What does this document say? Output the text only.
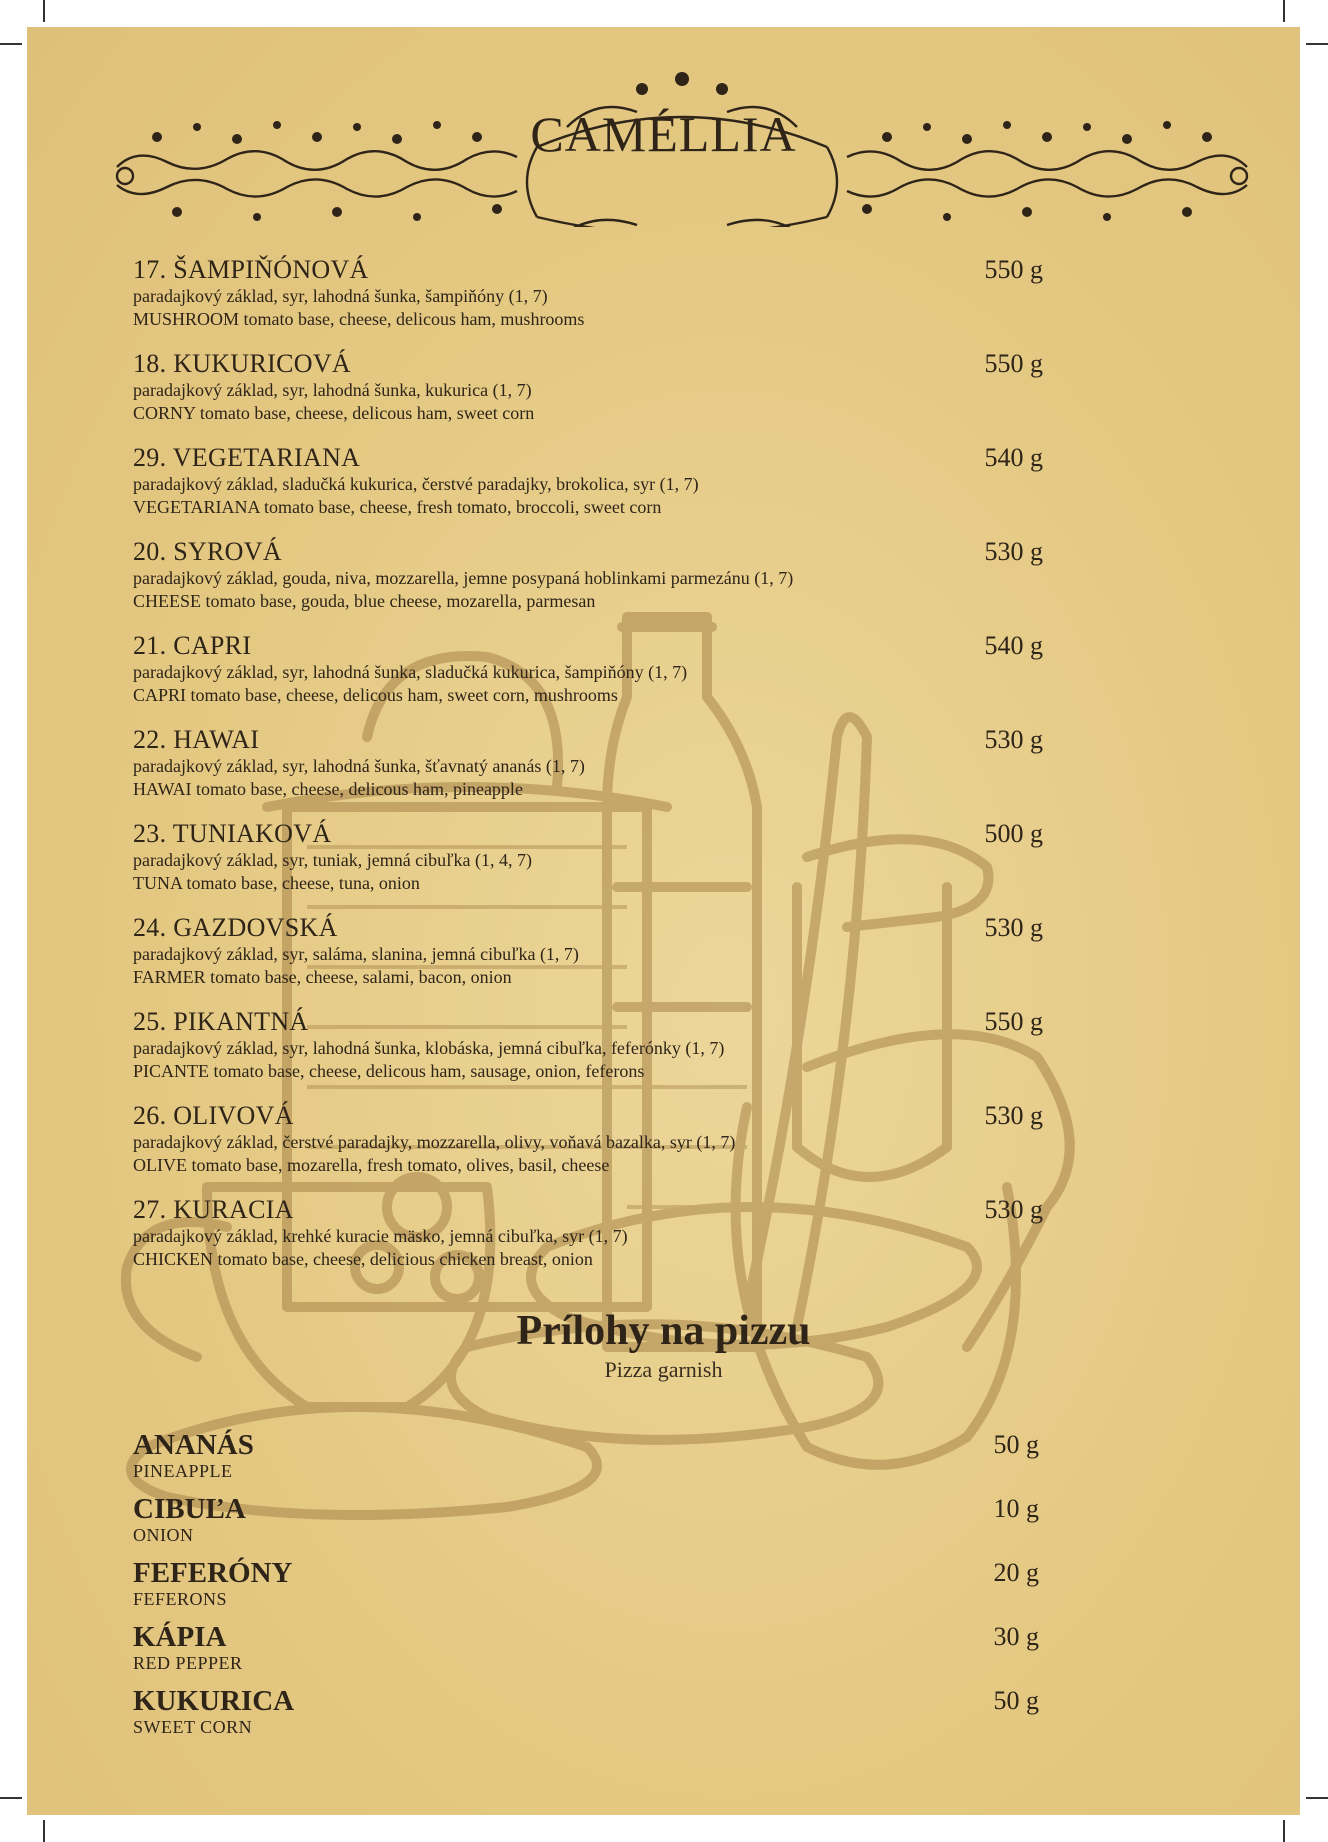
CAMÉLLIA
17. ŠAMPIŇÓNOVÁ	550 g
paradajkový základ, syr, lahodná šunka, šampiňóny (1, 7)
MUSHROOM tomato base, cheese, delicous ham, mushrooms
18. KUKURICOVÁ	550 g
paradajkový základ, syr, lahodná šunka, kukurica (1, 7)
CORNY tomato base, cheese, delicous ham, sweet corn
29. VEGETARIANA	540 g
paradajkový základ, sladučká kukurica, čerstvé paradajky, brokolica, syr (1, 7)
VEGETARIANA tomato base, cheese, fresh tomato, broccoli, sweet corn
20. SYROVÁ	530 g
paradajkový základ, gouda, niva, mozzarella, jemne posypaná hoblinkami parmezánu (1, 7)
CHEESE tomato base, gouda, blue cheese, mozarella, parmesan
21. CAPRI	540 g
paradajkový základ, syr, lahodná šunka, sladučká kukurica, šampiňóny (1, 7)
CAPRI tomato base, cheese, delicous ham, sweet corn, mushrooms
22. HAWAI	530 g
paradajkový základ, syr, lahodná šunka, šťavnatý ananás (1, 7)
HAWAI tomato base, cheese, delicous ham, pineapple
23. TUNIAKOVÁ	500 g
paradajkový základ, syr, tuniak, jemná cibuľka (1, 4, 7)
TUNA tomato base, cheese, tuna, onion
24. GAZDOVSKÁ	530 g
paradajkový základ, syr, saláma, slanina, jemná cibuľka (1, 7)
FARMER tomato base, cheese, salami, bacon, onion
25. PIKANTNÁ	550 g
paradajkový základ, syr, lahodná šunka, klobáska, jemná cibuľka, feferónky (1, 7)
PICANTE tomato base, cheese, delicous ham, sausage, onion, feferons
26. OLIVOVÁ	530 g
paradajkový základ, čerstvé paradajky, mozzarella, olivy, voňavá bazalka, syr (1, 7)
OLIVE tomato base, mozarella, fresh tomato, olives, basil, cheese
27. KURACIA	530 g
paradajkový základ, krehké kuracie mäsko, jemná cibuľka, syr (1, 7)
CHICKEN tomato base, cheese, delicious chicken breast, onion
Prílohy na pizzu
Pizza garnish
ANANÁS
PINEAPPLE
50 g
CIBUĽA
ONION
10 g
FEFERÓNY
FEFERONS
20 g
KÁPIA
RED PEPPER
30 g
KUKURICA
SWEET CORN
50 g
